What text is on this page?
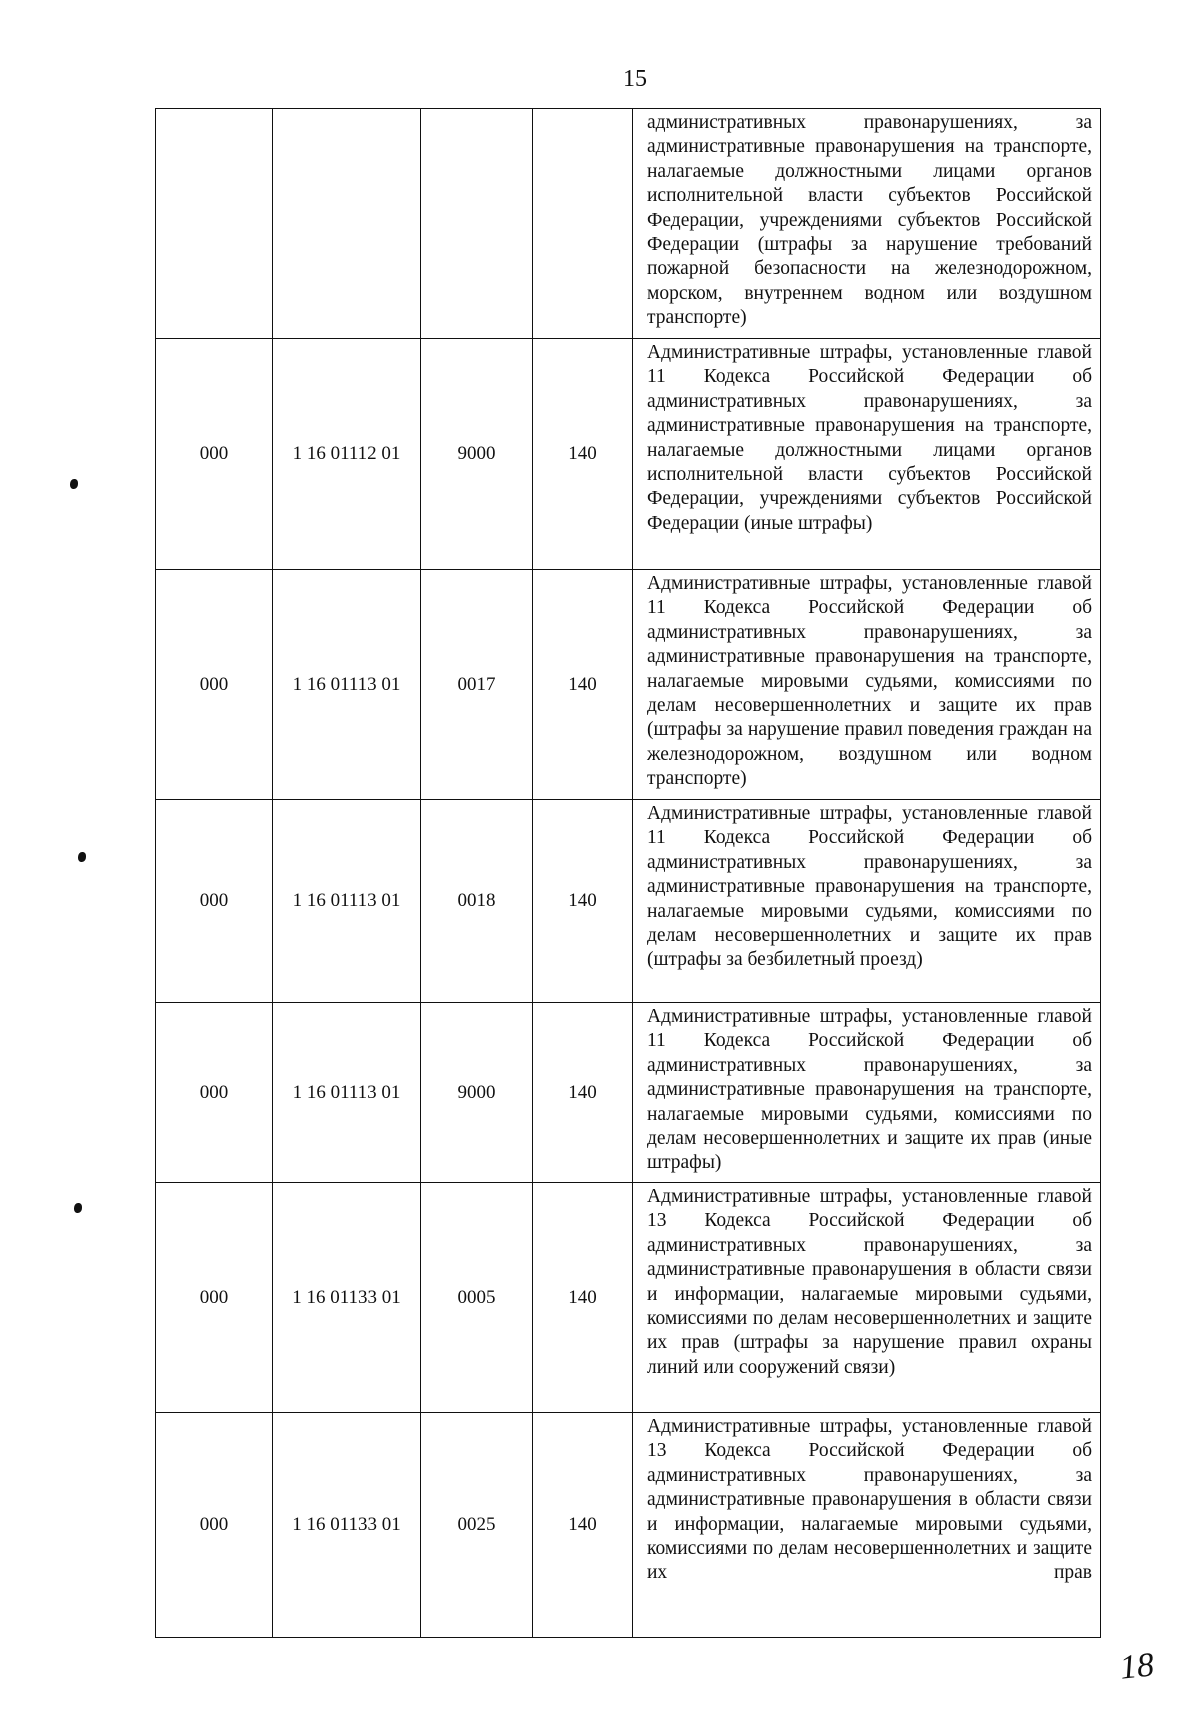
15
				административных правонарушениях, за административные правонарушения на транспорте, налагаемые должностными лицами органов исполнительной власти субъектов Российской Федерации, учреждениями субъектов Российской Федерации (штрафы за нарушение требований пожарной безопасности на железнодорожном, морском, внутреннем водном или воздушном транспорте)
000	1 16 01112 01	9000	140	Административные штрафы, установленные главой 11 Кодекса Российской Федерации об административных правонарушениях, за административные правонарушения на транспорте, налагаемые должностными лицами органов исполнительной власти субъектов Российской Федерации, учреждениями субъектов Российской Федерации (иные штрафы)
000	1 16 01113 01	0017	140	Административные штрафы, установленные главой 11 Кодекса Российской Федерации об административных правонарушениях, за административные правонарушения на транспорте, налагаемые мировыми судьями, комиссиями по делам несовершеннолетних и защите их прав (штрафы за нарушение правил поведения граждан на железнодорожном, воздушном или водном транспорте)
000	1 16 01113 01	0018	140	Административные штрафы, установленные главой 11 Кодекса Российской Федерации об административных правонарушениях, за административные правонарушения на транспорте, налагаемые мировыми судьями, комиссиями по делам несовершеннолетних и защите их прав (штрафы за безбилетный проезд)
000	1 16 01113 01	9000	140	Административные штрафы, установленные главой 11 Кодекса Российской Федерации об административных правонарушениях, за административные правонарушения на транспорте, налагаемые мировыми судьями, комиссиями по делам несовершеннолетних и защите их прав (иные штрафы)
000	1 16 01133 01	0005	140	Административные штрафы, установленные главой 13 Кодекса Российской Федерации об административных правонарушениях, за административные правонарушения в области связи и информации, налагаемые мировыми судьями, комиссиями по делам несовершеннолетних и защите их прав (штрафы за нарушение правил охраны линий или сооружений связи)
000	1 16 01133 01	0025	140	Административные штрафы, установленные главой 13 Кодекса Российской Федерации об административных правонарушениях, за административные правонарушения в области связи и информации, налагаемые мировыми судьями, комиссиями по делам несовершеннолетних и защите их прав
18
